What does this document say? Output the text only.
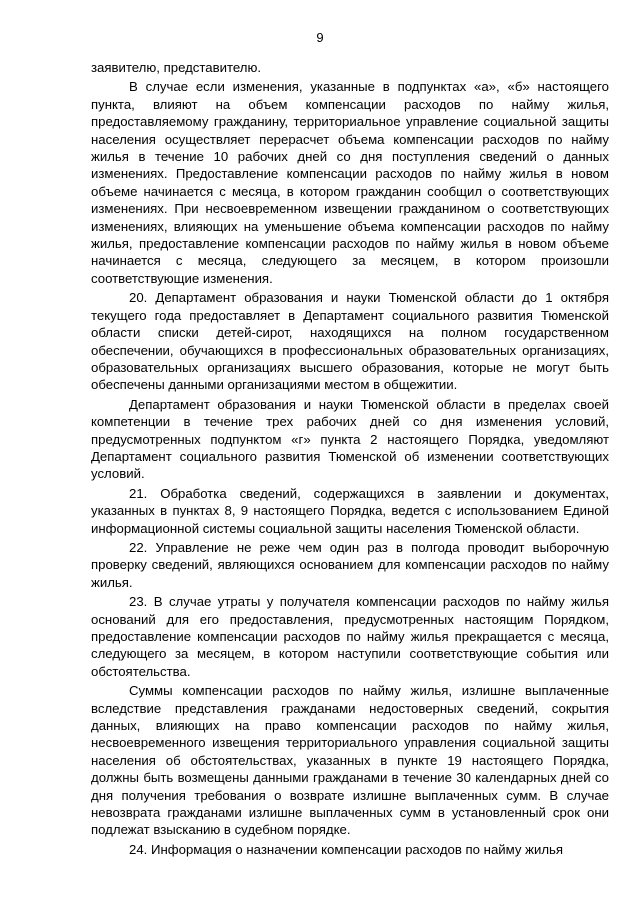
9

заявителю, представителю.

В случае если изменения, указанные в подпунктах «а», «б» настоящего пункта, влияют на объем компенсации расходов по найму жилья, предоставляемому гражданину, территориальное управление социальной защиты населения осуществляет перерасчет объема компенсации расходов по найму жилья в течение 10 рабочих дней со дня поступления сведений о данных изменениях. Предоставление компенсации расходов по найму жилья в новом объеме начинается с месяца, в котором гражданин сообщил о соответствующих изменениях. При несвоевременном извещении гражданином о соответствующих изменениях, влияющих на уменьшение объема компенсации расходов по найму жилья, предоставление компенсации расходов по найму жилья в новом объеме начинается с месяца, следующего за месяцем, в котором произошли соответствующие изменения.

20. Департамент образования и науки Тюменской области до 1 октября текущего года предоставляет в Департамент социального развития Тюменской области списки детей-сирот, находящихся на полном государственном обеспечении, обучающихся в профессиональных образовательных организациях, образовательных организациях высшего образования, которые не могут быть обеспечены данными организациями местом в общежитии.

Департамент образования и науки Тюменской области в пределах своей компетенции в течение трех рабочих дней со дня изменения условий, предусмотренных подпунктом «г» пункта 2 настоящего Порядка, уведомляют Департамент социального развития Тюменской об изменении соответствующих условий.

21. Обработка сведений, содержащихся в заявлении и документах, указанных в пунктах 8, 9 настоящего Порядка, ведется с использованием Единой информационной системы социальной защиты населения Тюменской области.

22. Управление не реже чем один раз в полгода проводит выборочную проверку сведений, являющихся основанием для компенсации расходов по найму жилья.

23. В случае утраты у получателя компенсации расходов по найму жилья оснований для его предоставления, предусмотренных настоящим Порядком, предоставление компенсации расходов по найму жилья прекращается с месяца, следующего за месяцем, в котором наступили соответствующие события или обстоятельства.

Суммы компенсации расходов по найму жилья, излишне выплаченные вследствие представления гражданами недостоверных сведений, сокрытия данных, влияющих на право компенсации расходов по найму жилья, несвоевременного извещения территориального управления социальной защиты населения об обстоятельствах, указанных в пункте 19 настоящего Порядка, должны быть возмещены данными гражданами в течение 30 календарных дней со дня получения требования о возврате излишне выплаченных сумм. В случае невозврата гражданами излишне выплаченных сумм в установленный срок они подлежат взысканию в судебном порядке.

24. Информация о назначении компенсации расходов по найму жилья
